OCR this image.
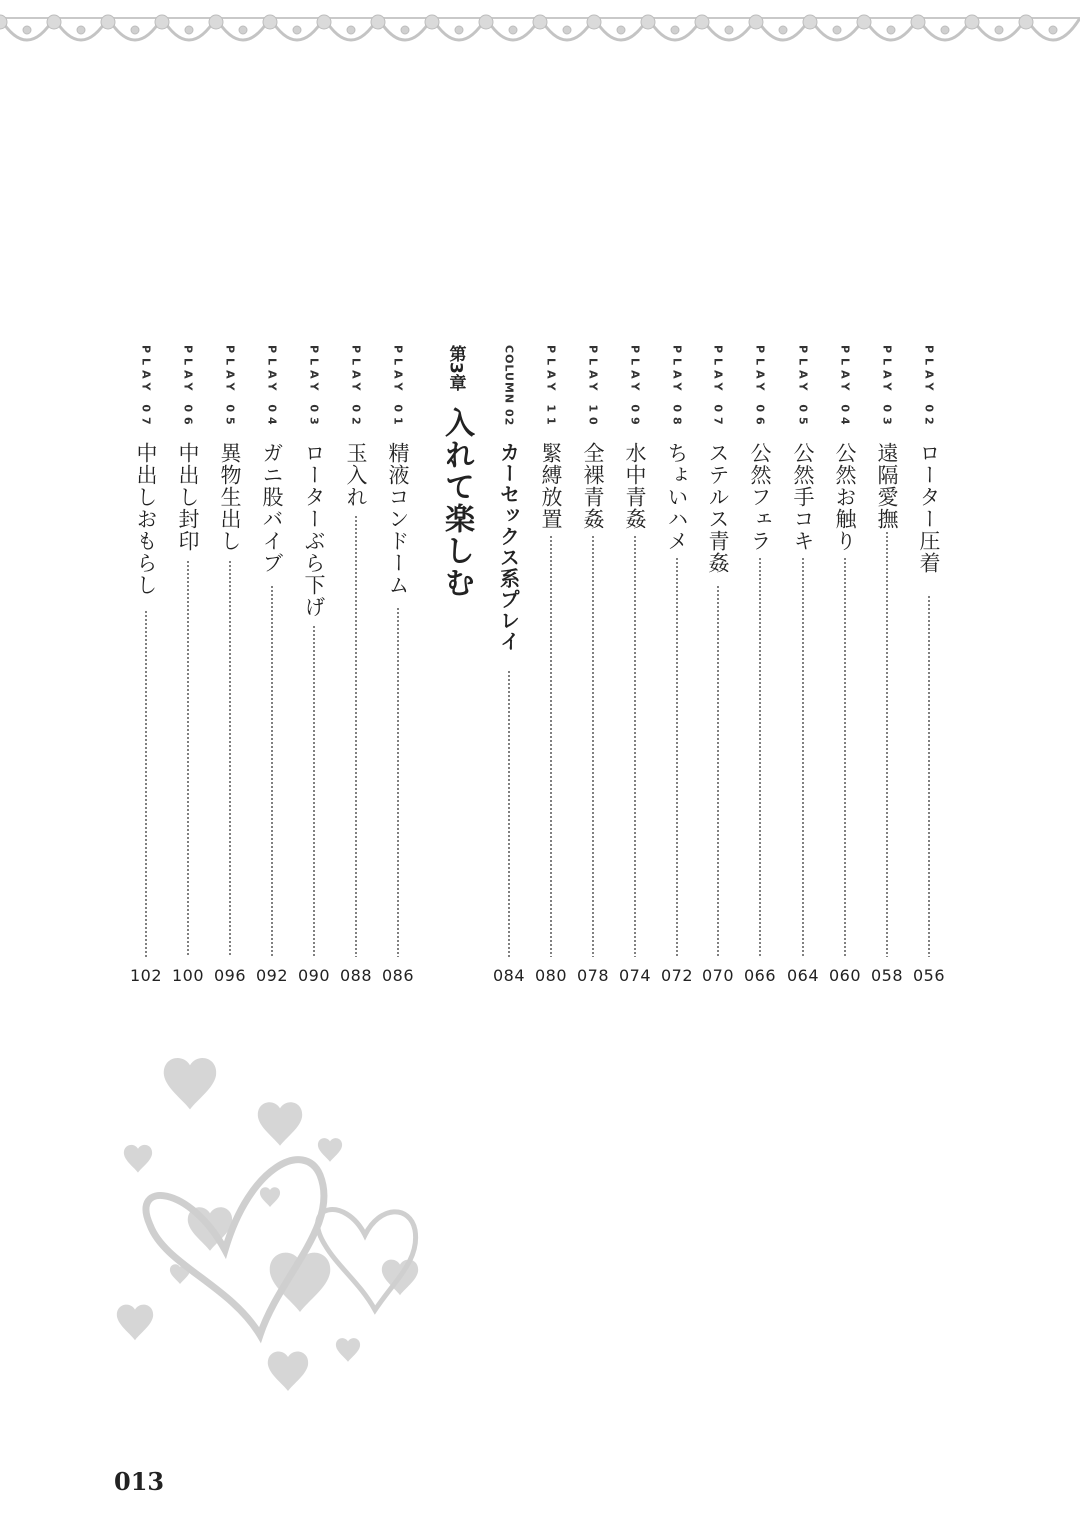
PLAY 02
ローター圧着
056
PLAY 03
遠隔愛撫
058
PLAY 04
公然お触り
060
PLAY 05
公然手コキ
064
PLAY 06
公然フェラ
066
PLAY 07
ステルス青姦
070
PLAY 08
ちょいハメ
072
PLAY 09
水中青姦
074
PLAY 10
全裸青姦
078
PLAY 11
緊縛放置
080
COLUMN 02
カーセックス系プレイ
084
第3章
入れて楽しむ
PLAY 01
精液コンドーム
086
PLAY 02
玉入れ
088
PLAY 03
ローターぶら下げ
090
PLAY 04
ガニ股バイブ
092
PLAY 05
異物生出し
096
PLAY 06
中出し封印
100
PLAY 07
中出しおもらし
102
013
